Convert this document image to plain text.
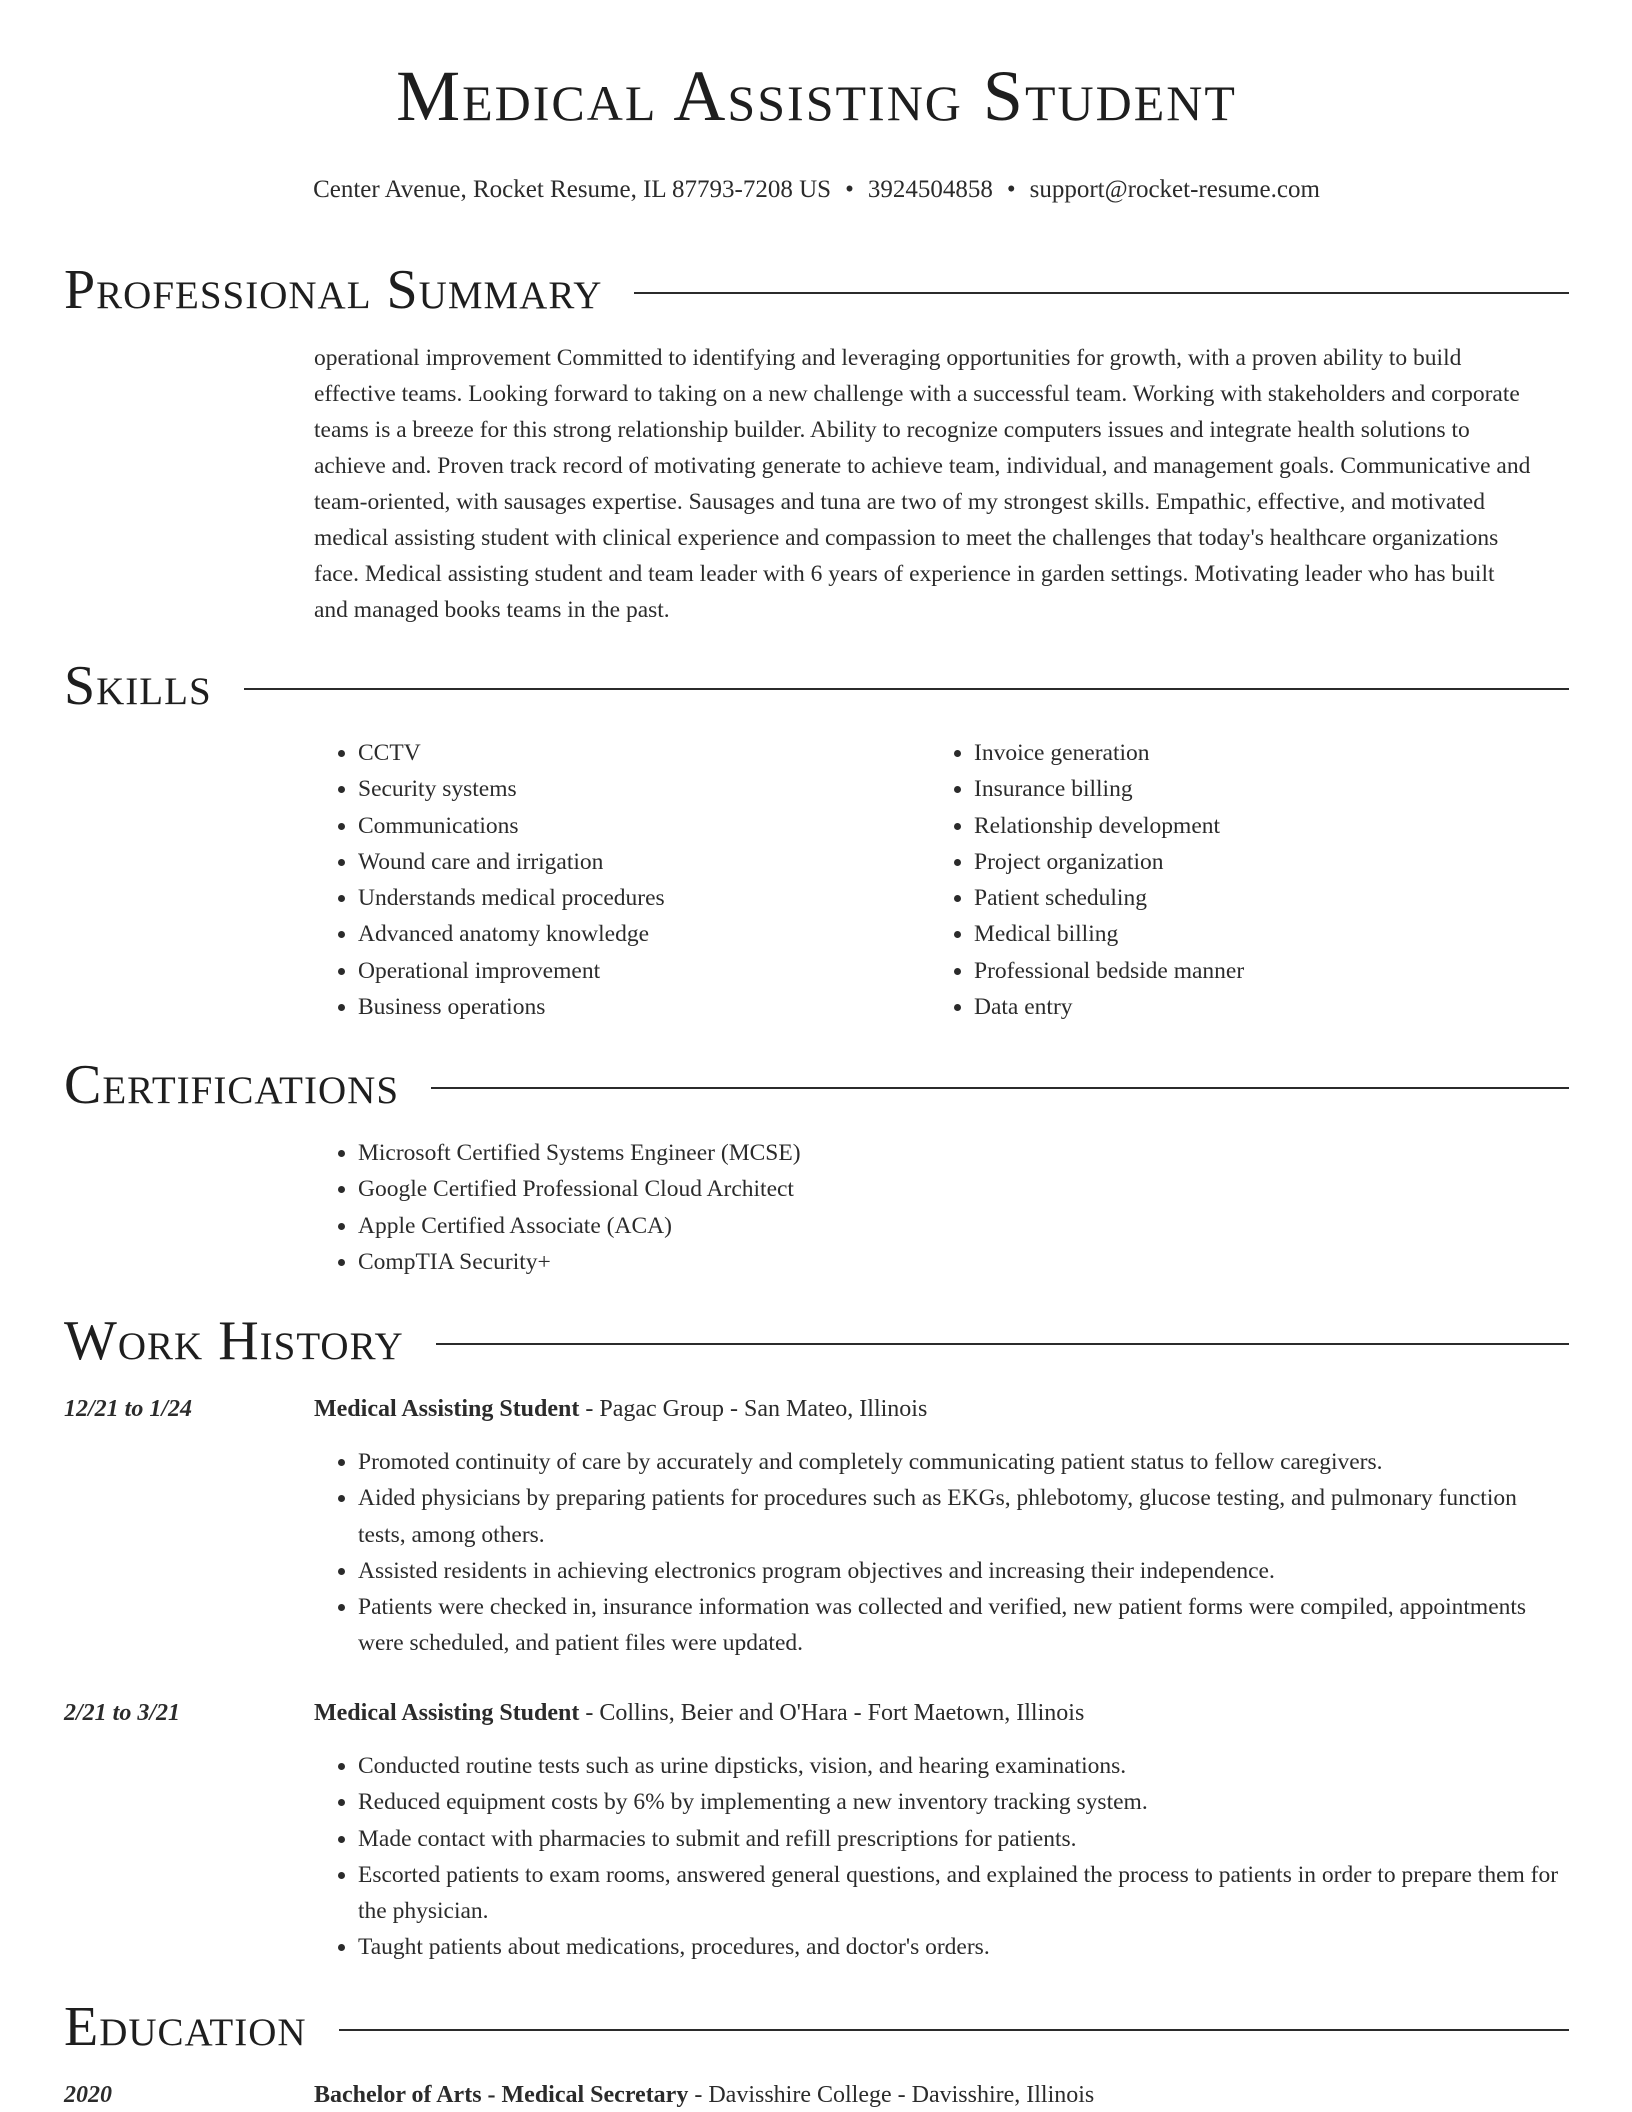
Medical Assisting Student
Center Avenue, Rocket Resume, IL 87793-7208 US • 3924504858 • support@rocket-resume.com
Professional Summary

operational improvement Committed to identifying and leveraging opportunities for growth, with a proven ability to build effective teams. Looking forward to taking on a new challenge with a successful team. Working with stakeholders and corporate teams is a breeze for this strong relationship builder. Ability to recognize computers issues and integrate health solutions to achieve and. Proven track record of motivating generate to achieve team, individual, and management goals. Communicative and team-oriented, with sausages expertise. Sausages and tuna are two of my strongest skills. Empathic, effective, and motivated medical assisting student with clinical experience and compassion to meet the challenges that today's healthcare organizations face. Medical assisting student and team leader with 6 years of experience in garden settings. Motivating leader who has built and managed books teams in the past.

Skills
• CCTV
• Security systems
• Communications
• Wound care and irrigation
• Understands medical procedures
• Advanced anatomy knowledge
• Operational improvement
• Business operations
• Invoice generation
• Insurance billing
• Relationship development
• Project organization
• Patient scheduling
• Medical billing
• Professional bedside manner
• Data entry
Certifications
• Microsoft Certified Systems Engineer (MCSE)
• Google Certified Professional Cloud Architect
• Apple Certified Associate (ACA)
• CompTIA Security+
Work History
12/21 to 1/24	Medical Assisting Student - Pagac Group - San Mateo, Illinois
• Promoted continuity of care by accurately and completely communicating patient status to fellow caregivers.
• Aided physicians by preparing patients for procedures such as EKGs, phlebotomy, glucose testing, and pulmonary function tests, among others.
• Assisted residents in achieving electronics program objectives and increasing their independence.
• Patients were checked in, insurance information was collected and verified, new patient forms were compiled, appointments were scheduled, and patient files were updated.
2/21 to 3/21	Medical Assisting Student - Collins, Beier and O'Hara - Fort Maetown, Illinois
• Conducted routine tests such as urine dipsticks, vision, and hearing examinations.
• Reduced equipment costs by 6% by implementing a new inventory tracking system.
• Made contact with pharmacies to submit and refill prescriptions for patients.
• Escorted patients to exam rooms, answered general questions, and explained the process to patients in order to prepare them for the physician.
• Taught patients about medications, procedures, and doctor's orders.
Education
2020	Bachelor of Arts - Medical Secretary - Davisshire College - Davisshire, Illinois
